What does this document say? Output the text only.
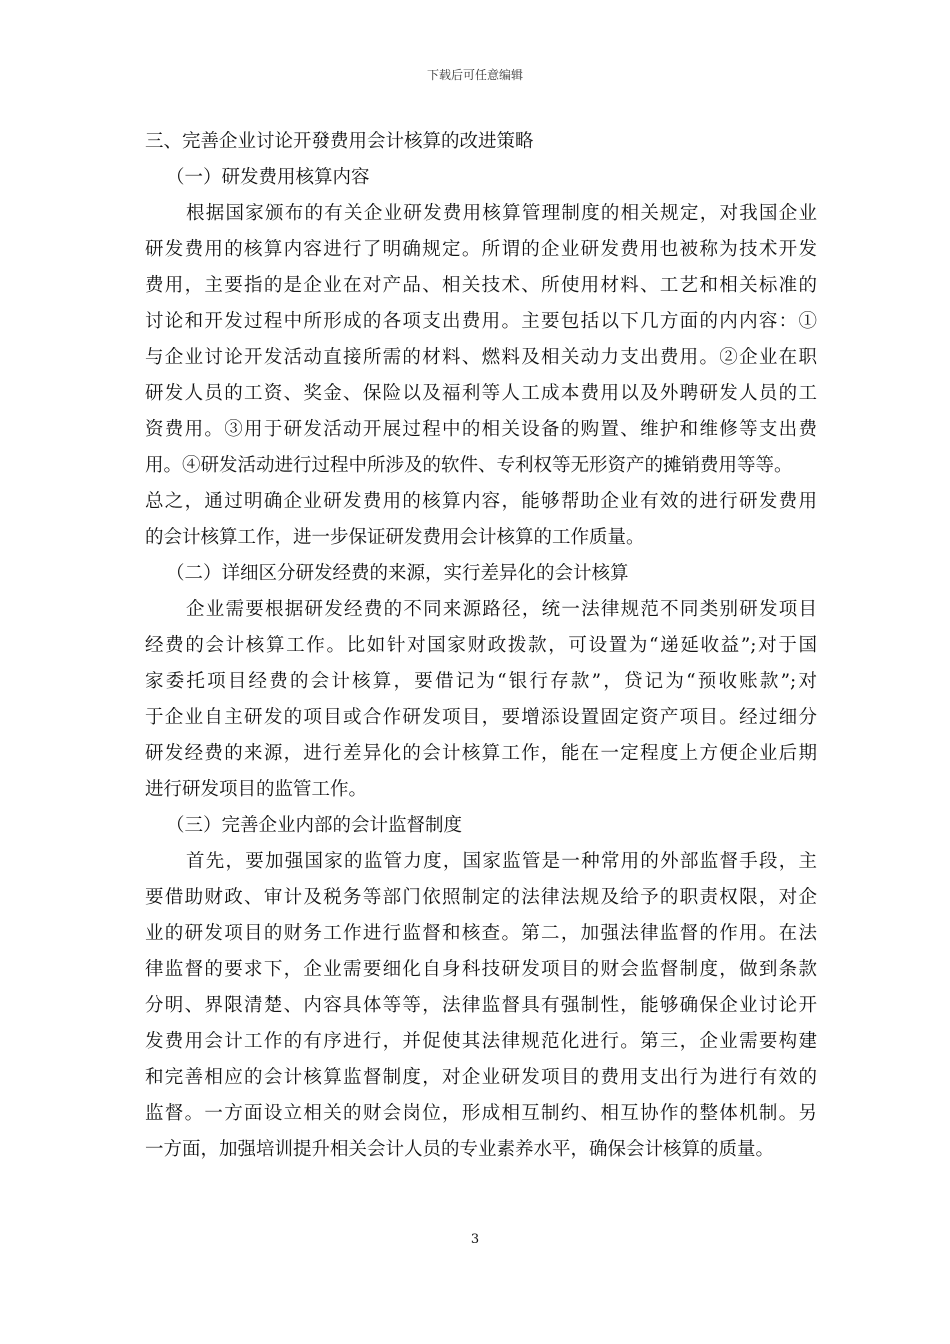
下载后可任意编辑
三、完善企业讨论开發费用会计核算的改进策略
（一）研发费用核算内容
根据国家颁布的有关企业研发费用核算管理制度的相关规定，对我国企业
研发费用的核算内容进行了明确规定。所谓的企业研发费用也被称为技术开发
费用，主要指的是企业在对产品、相关技术、所使用材料、工艺和相关标准的
讨论和开发过程中所形成的各项支出费用。主要包括以下几方面的内内容：①
与企业讨论开发活动直接所需的材料、燃料及相关动力支出费用。②企业在职
研发人员的工资、奖金、保险以及福利等人工成本费用以及外聘研发人员的工
资费用。③用于研发活动开展过程中的相关设备的购置、维护和维修等支出费
用。④研发活动进行过程中所涉及的软件、专利权等无形资产的摊销费用等等。
总之，通过明确企业研发费用的核算内容，能够帮助企业有效的进行研发费用
的会计核算工作，进一步保证研发费用会计核算的工作质量。
（二）详细区分研发经费的来源，实行差异化的会计核算
企业需要根据研发经费的不同来源路径，统一法律规范不同类别研发项目
经费的会计核算工作。比如针对国家财政拨款，可设置为“递延收益”;对于国
家委托项目经费的会计核算，要借记为“银行存款”，贷记为“预收账款”;对
于企业自主研发的项目或合作研发项目，要增添设置固定资产项目。经过细分
研发经费的来源，进行差异化的会计核算工作，能在一定程度上方便企业后期
进行研发项目的监管工作。
（三）完善企业内部的会计监督制度
首先，要加强国家的监管力度，国家监管是一种常用的外部监督手段，主
要借助财政、审计及税务等部门依照制定的法律法规及给予的职责权限，对企
业的研发项目的财务工作进行监督和核查。第二，加强法律监督的作用。在法
律监督的要求下，企业需要细化自身科技研发项目的财会监督制度，做到条款
分明、界限清楚、内容具体等等，法律监督具有强制性，能够确保企业讨论开
发费用会计工作的有序进行，并促使其法律规范化进行。第三，企业需要构建
和完善相应的会计核算监督制度，对企业研发项目的费用支出行为进行有效的
监督。一方面设立相关的财会岗位，形成相互制约、相互协作的整体机制。另
一方面，加强培训提升相关会计人员的专业素养水平，确保会计核算的质量。
3
